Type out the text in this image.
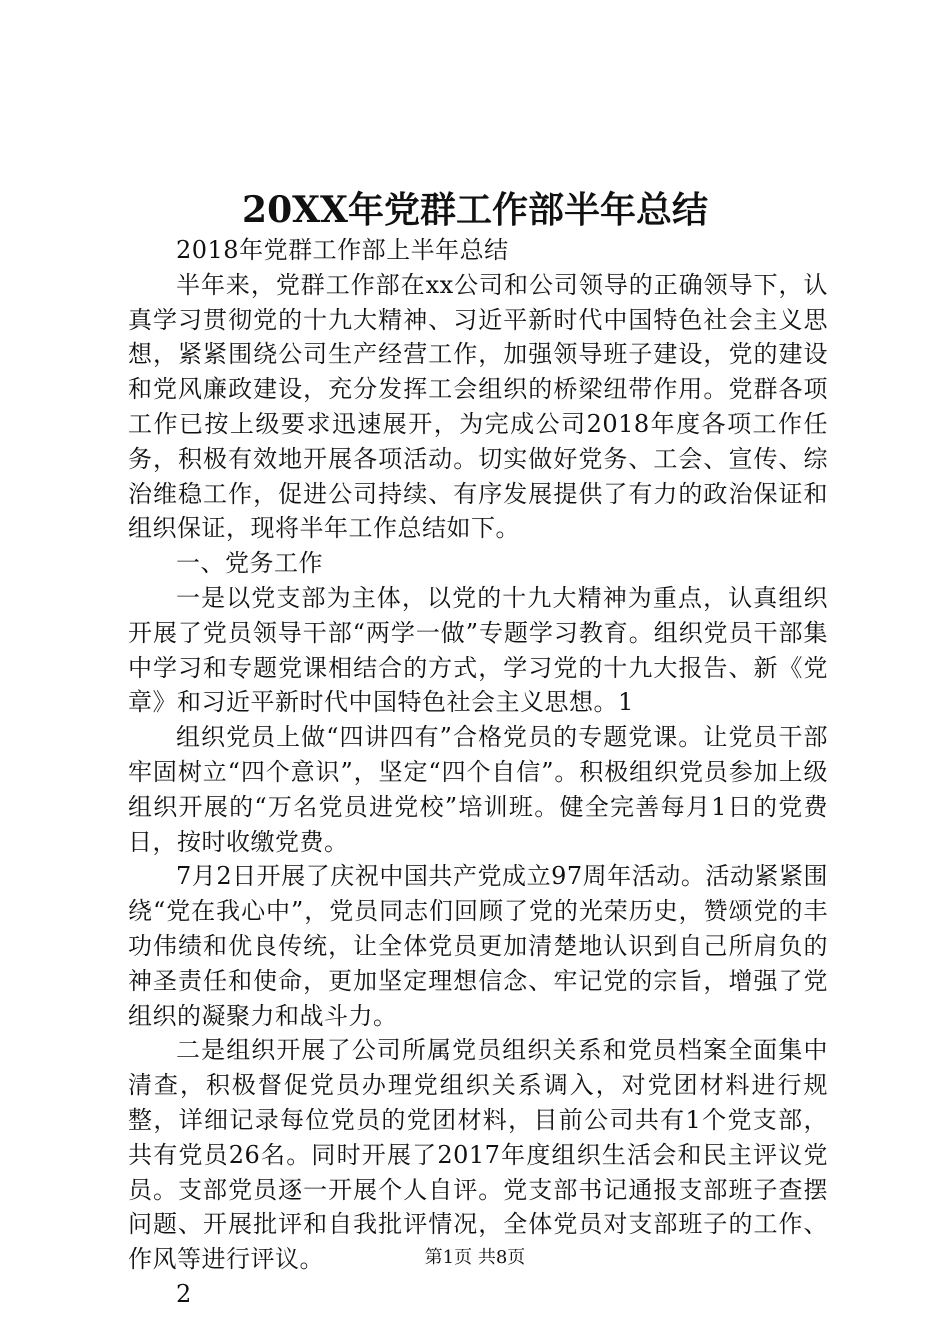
20XX年党群工作部半年总结

2018年党群工作部上半年总结

半年来，党群工作部在xx公司和公司领导的正确领导下，认真学习贯彻党的十九大精神、习近平新时代中国特色社会主义思想，紧紧围绕公司生产经营工作，加强领导班子建设，党的建设和党风廉政建设，充分发挥工会组织的桥梁纽带作用。党群各项工作已按上级要求迅速展开，为完成公司2018年度各项工作任务，积极有效地开展各项活动。切实做好党务、工会、宣传、综治维稳工作，促进公司持续、有序发展提供了有力的政治保证和组织保证，现将半年工作总结如下。

一、党务工作

一是以党支部为主体，以党的十九大精神为重点，认真组织开展了党员领导干部“两学一做”专题学习教育。组织党员干部集中学习和专题党课相结合的方式，学习党的十九大报告、新《党章》和习近平新时代中国特色社会主义思想。1

组织党员上做“四讲四有”合格党员的专题党课。让党员干部牢固树立“四个意识”，坚定“四个自信”。积极组织党员参加上级组织开展的“万名党员进党校”培训班。健全完善每月1日的党费日，按时收缴党费。

7月2日开展了庆祝中国共产党成立97周年活动。活动紧紧围绕“党在我心中”，党员同志们回顾了党的光荣历史，赞颂党的丰功伟绩和优良传统，让全体党员更加清楚地认识到自己所肩负的神圣责任和使命，更加坚定理想信念、牢记党的宗旨，增强了党组织的凝聚力和战斗力。

二是组织开展了公司所属党员组织关系和党员档案全面集中清查，积极督促党员办理党组织关系调入，对党团材料进行规整，详细记录每位党员的党团材料，目前公司共有1个党支部，共有党员26名。同时开展了2017年度组织生活会和民主评议党员。支部党员逐一开展个人自评。党支部书记通报支部班子查摆问题、开展批评和自我批评情况，全体党员对支部班子的工作、作风等进行评议。

2

第1页 共8页
